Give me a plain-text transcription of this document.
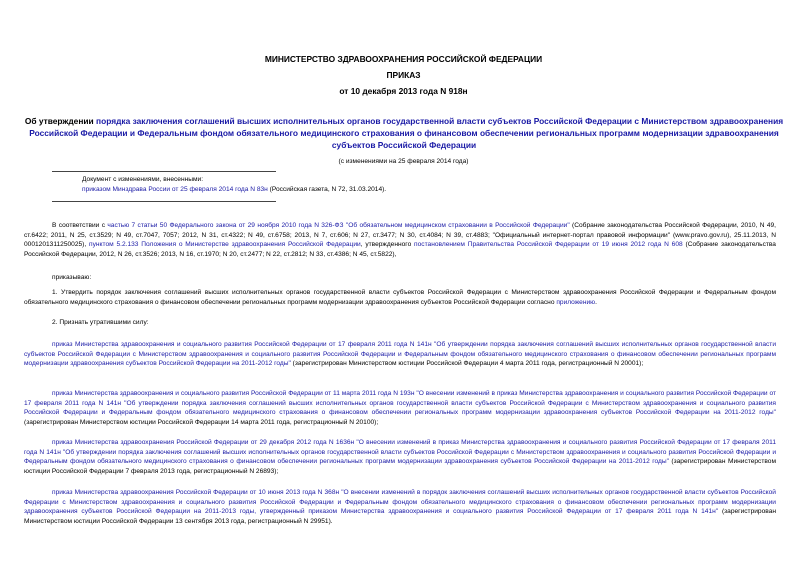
МИНИСТЕРСТВО ЗДРАВООХРАНЕНИЯ РОССИЙСКОЙ ФЕДЕРАЦИИ
ПРИКАЗ
от 10 декабря 2013 года N 918н
Об утверждении порядка заключения соглашений высших исполнительных органов государственной власти субъектов Российской Федерации с Министерством здравоохранения Российской Федерации и Федеральным фондом обязательного медицинского страхования о финансовом обеспечении региональных программ модернизации здравоохранения субъектов Российской Федерации
(с изменениями на 25 февраля 2014 года)
Документ с изменениями, внесенными:
приказом Минздрава России от 25 февраля 2014 года N 83н (Российская газета, N 72, 31.03.2014).

В соответствии с частью 7 статьи 50 Федерального закона от 29 ноября 2010 года N 326-ФЗ "Об обязательном медицинском страховании в Российской Федерации" (Собрание законодательства Российской Федерации, 2010, N 49, ст.6422; 2011, N 25, ст.3529; N 49, ст.7047, 7057; 2012, N 31, ст.4322; N 49, ст.6758; 2013, N 7, ст.606; N 27, ст.3477; N 30, ст.4084; N 39, ст.4883; "Официальный интернет-портал правовой информации" (www.pravo.gov.ru), 25.11.2013, N 0001201311250025), пунктом 5.2.133 Положения о Министерстве здравоохранения Российской Федерации, утвержденного постановлением Правительства Российской Федерации от 19 июня 2012 года N 608 (Собрание законодательства Российской Федерации, 2012, N 26, ст.3526; 2013, N 16, ст.1970; N 20, ст.2477; N 22, ст.2812; N 33, ст.4386; N 45, ст.5822),

приказываю:

1. Утвердить порядок заключения соглашений высших исполнительных органов государственной власти субъектов Российской Федерации с Министерством здравоохранения Российской Федерации и Федеральным фондом обязательного медицинского страхования о финансовом обеспечении региональных программ модернизации здравоохранения субъектов Российской Федерации согласно приложению.

2. Признать утратившими силу:

приказ Министерства здравоохранения и социального развития Российской Федерации от 17 февраля 2011 года N 141н "Об утверждении порядка заключения соглашений высших исполнительных органов государственной власти субъектов Российской Федерации с Министерством здравоохранения и социального развития Российской Федерации и Федеральным фондом обязательного медицинского страхования о финансовом обеспечении региональных программ модернизации здравоохранения субъектов Российской Федерации на 2011-2012 годы" (зарегистрирован Министерством юстиции Российской Федерации 4 марта 2011 года, регистрационный N 20001);

приказ Министерства здравоохранения и социального развития Российской Федерации от 11 марта 2011 года N 193н "О внесении изменений в приказ Министерства здравоохранения и социального развития Российской Федерации от 17 февраля 2011 года N 141н "Об утверждении порядка заключения соглашений высших исполнительных органов государственной власти субъектов Российской Федерации с Министерством здравоохранения и социального развития Российской Федерации и Федеральным фондом обязательного медицинского страхования о финансовом обеспечении региональных программ модернизации здравоохранения субъектов Российской Федерации на 2011-2012 годы" (зарегистрирован Министерством юстиции Российской Федерации 14 марта 2011 года, регистрационный N 20100);

приказ Министерства здравоохранения Российской Федерации от 29 декабря 2012 года N 1636н "О внесении изменений в приказ Министерства здравоохранения и социального развития Российской Федерации от 17 февраля 2011 года N 141н "Об утверждении порядка заключения соглашений высших исполнительных органов государственной власти субъектов Российской Федерации с Министерством здравоохранения и социального развития Российской Федерации и Федеральным фондом обязательного медицинского страхования о финансовом обеспечении региональных программ модернизации здравоохранения субъектов Российской Федерации на 2011-2012 годы" (зарегистрирован Министерством юстиции Российской Федерации 7 февраля 2013 года, регистрационный N 26893);

приказ Министерства здравоохранения Российской Федерации от 10 июня 2013 года N 368н "О внесении изменений в порядок заключения соглашений высших исполнительных органов государственной власти субъектов Российской Федерации с Министерством здравоохранения и социального развития Российской Федерации и Федеральным фондом обязательного медицинского страхования о финансовом обеспечении региональных программ модернизации здравоохранения субъектов Российской Федерации на 2011-2013 годы, утвержденный приказом Министерства здравоохранения и социального развития Российской Федерации от 17 февраля 2011 года N 141н" (зарегистрирован Министерством юстиции Российской Федерации 13 сентября 2013 года, регистрационный N 29951).
